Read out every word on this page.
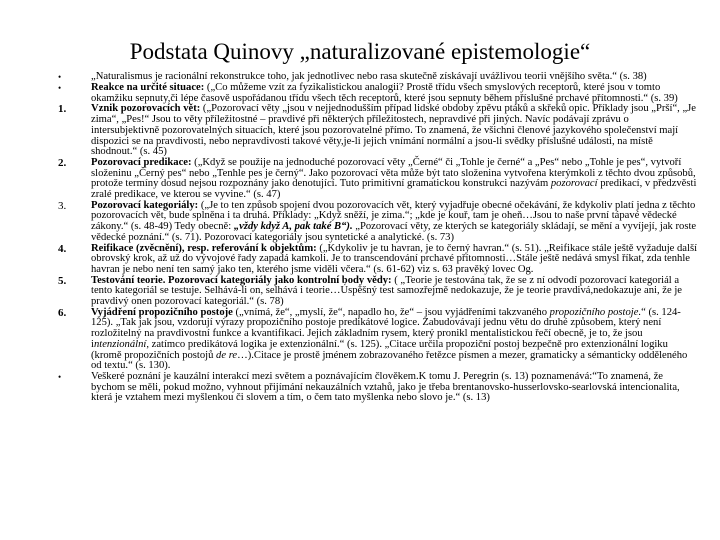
Podstata Quinovy „naturalizované epistemologie“
•	„Naturalismus je racionální rekonstrukce toho, jak jednotlivec nebo rasa skutečně získávají uvážlivou teorii vnějšího světa.“ (s. 38)
•	Reakce na určité situace: („Co můžeme vzít za fyzikalistickou analogii? Prostě třídu všech smyslových receptorů, které jsou v tomto okamžiku sepnuty,či lépe časově uspořádanou třídu všech těch receptorů, které jsou sepnuty během příslušné prchavé přítomnosti.“ (s. 39)
1.	Vznik pozorovacích vět: („Pozorovací věty „jsou v nejjednodušším případ lidské obdoby zpěvu ptáků a skřeků opic. Příklady jsou „Prší“, „Je zima“, „Pes!“ Jsou to věty příležitostné – pravdivé při některých příležitostech, nepravdivé při jiných. Navíc podávají zprávu o intersubjektivně pozorovatelných situacích, které jsou pozorovatelné přímo. To znamená, že všichni členové jazykového společenství mají dispozici se na pravdivosti, nebo nepravdivosti takové věty,je-li jejich vnímání normální a jsou-li svědky příslušné události, na místě shodnout.“ (s. 45)
2.	Pozorovací predikace: („Když se použije na jednoduché pozorovací věty „Černé“ či „Tohle je černé“ a „Pes“ nebo „Tohle je pes“, vytvoří složeninu „Černý pes“ nebo „Tenhle pes je černý“. Jako pozorovací věta může být tato složenina vytvořena kterýmkoli z těchto dvou způsobů, protože termíny dosud nejsou rozpoznány jako denotující. Tuto primitivní gramatickou konstrukci nazývám pozorovací predikací, v předzvěsti zralé predikace, ve kterou se vyvine.“ (s. 47)
3.	Pozorovací kategoriály: („Je to ten způsob spojení dvou pozorovacích vět, který vyjadřuje obecné očekávání, že kdykoliv platí jedna z těchto pozorovacích vět, bude splněna i ta druhá. Příklady: „Když sněží, je zima.“; „kde je kouř, tam je oheň…Jsou to naše první tápavé vědecké zákony.“ (s. 48-49) Tedy obecně: „vždy když A, pak také B“). „Pozorovací věty, ze kterých se kategoriály skládají, se mění a vyvíjejí, jak roste vědecké poznání.“ (s. 71). Pozorovací kategoriály jsou syntetické a analytické. (s. 73)
4.	Reifikace (zvěcnění), resp. referování k objektům: („Kdykoliv je tu havran, je to černý havran.“ (s. 51). „Reifikace stále ještě vyžaduje další obrovský krok, až už do vývojové řady zapadá kamkoli. Je to transcendování prchavé přítomnosti…Stále ještě nedává smysl říkat, zda tenhle havran je nebo není ten samý jako ten, kterého jsme viděli včera.“ (s. 61-62) viz s. 63 pravěký lovec Og.
5.	Testování teorie. Pozorovací kategoriály jako kontrolní body vědy: ( „Teorie je testována tak, že se z ní odvodí pozorovací kategoriál a tento kategoriál se testuje. Selhává-li on, selhává i teorie…Úspěšný test samozřejmě nedokazuje, že je teorie pravdivá,nedokazuje ani, že je pravdivý onen pozorovací kategoriál.“ (s. 78)
6.	Vyjádření propozičního postoje („vnímá, že“, „myslí, že“, napadlo ho, že“ – jsou vyjádřeními takzvaného propozičního postoje.“ (s. 124-125). „Tak jak jsou, vzdorují výrazy propozičního postoje predikátové logice. Zabudovávají jednu větu do druhé způsobem, který není rozložitelný na pravdivostní funkce a kvantifikaci. Jejich základním rysem, který pronikl mentalistickou řečí obecně, je to, že jsou intenzionální, zatímco predikátová logika je extenzionální.“ (s. 125). „Citace určila propoziční postoj bezpečně pro extenzionální logiku (kromě propozičních postojů de re…).Citace je prostě jménem zobrazovaného řetězce písmen a mezer, gramaticky a sémanticky odděleného od textu.“ (s. 130).
•	Veškeré poznání je kauzální interakcí mezi světem a poznávajícím člověkem.K tomu J. Peregrin (s. 13) poznamenává:“To znamená, že bychom se měli, pokud možno, vyhnout přijímání nekauzálních vztahů, jako je třeba brentanovsko-husserlovsko-searlovská intencionalita, která je vztahem mezi myšlenkou či slovem a tím, o čem tato myšlenka nebo slovo je.“ (s. 13)
